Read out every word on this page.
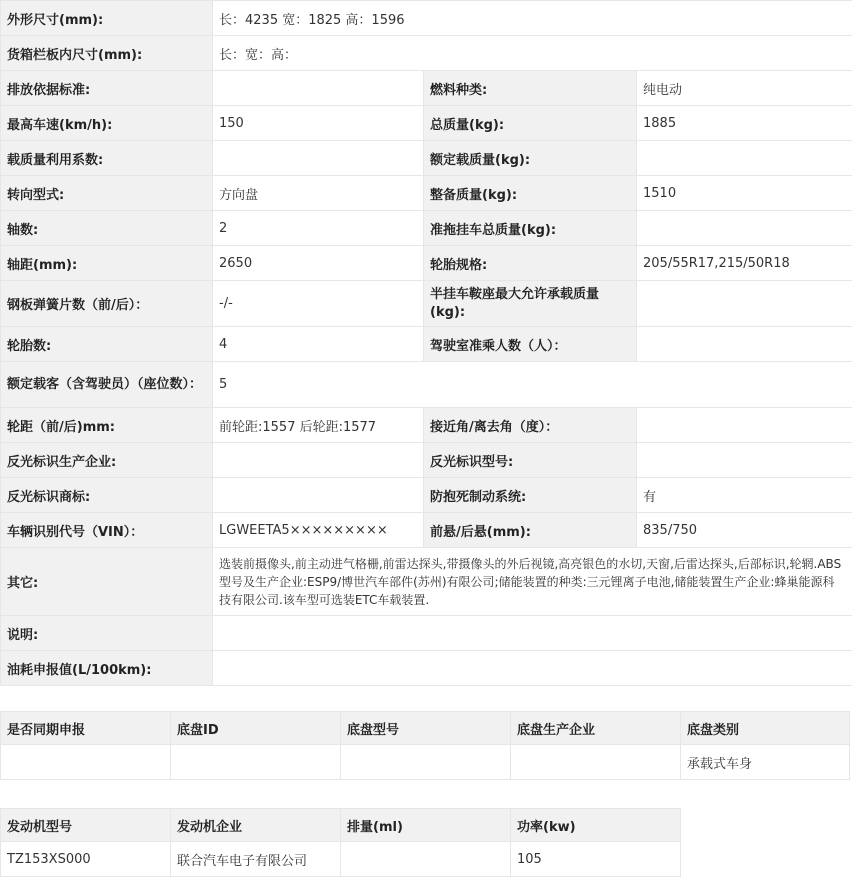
外形尺寸(mm):	长：4235 宽：1825 高：1596		
货箱栏板内尺寸(mm):	长：宽：高：		
排放依据标准:		燃料种类:	纯电动
最高车速(km/h):	150	总质量(kg):	1885
载质量利用系数:		额定载质量(kg):	
转向型式:	方向盘	整备质量(kg):	1510
轴数:	2	准拖挂车总质量(kg):	
轴距(mm):	2650	轮胎规格:	205/55R17,215/50R18
钢板弹簧片数（前/后）：	-/-	半挂车鞍座最大允许承载质量(kg):	
轮胎数:	4	驾驶室准乘人数（人）：	
额定载客（含驾驶员）（座位数）：	5		
轮距（前/后)mm:	前轮距:1557 后轮距:1577	接近角/离去角（度）：	
反光标识生产企业:		反光标识型号:	
反光标识商标:		防抱死制动系统:	有
车辆识别代号（VIN）：	LGWEETA5×××××××××	前悬/后悬(mm):	835/750
其它:	选装前摄像头,前主动进气格栅,前雷达探头,带摄像头的外后视镜,高亮银色的水切,天窗,后雷达探头,后部标识,轮辋.ABS型号及生产企业:ESP9/博世汽车部件(苏州)有限公司;储能装置的种类:三元锂离子电池,储能装置生产企业:蜂巢能源科技有限公司.该车型可选装ETC车载装置.		
说明:			
油耗申报值(L/100km):			
是否同期申报	底盘ID	底盘型号	底盘生产企业	底盘类别
				承载式车身
发动机型号	发动机企业	排量(ml)	功率(kw)
TZ153XS000	联合汽车电子有限公司		105
